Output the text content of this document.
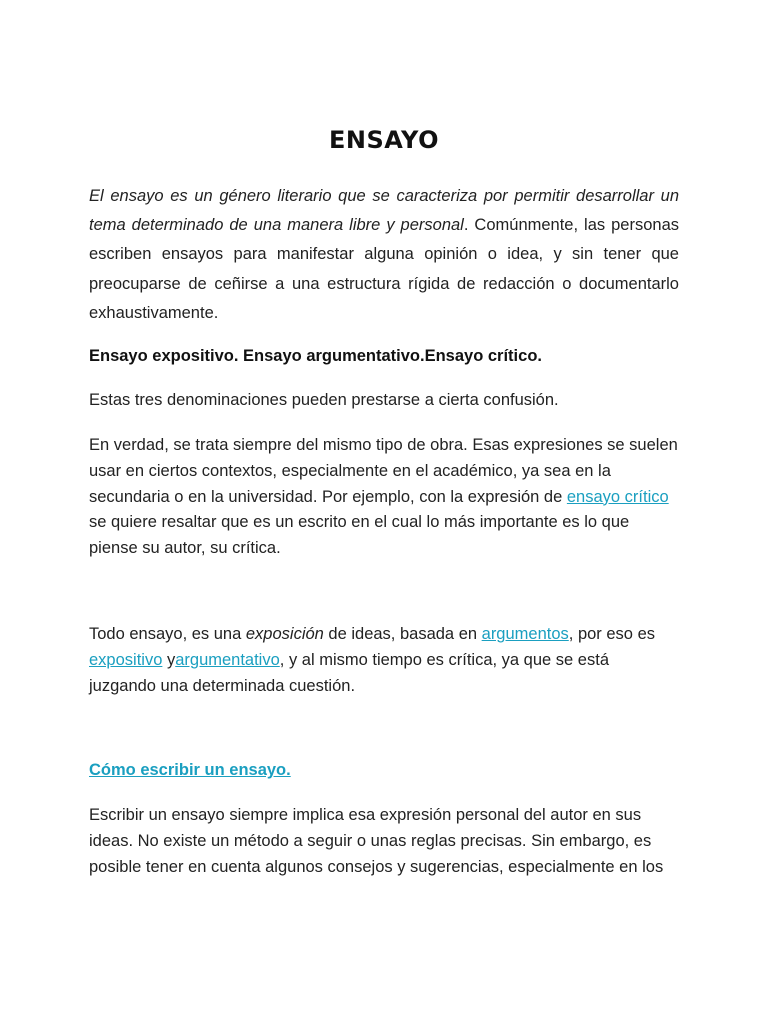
ENSAYO

El ensayo es un género literario que se caracteriza por permitir desarrollar un tema determinado de una manera libre y personal. Comúnmente, las personas escriben ensayos para manifestar alguna opinión o idea, y sin tener que preocuparse de ceñirse a una estructura rígida de redacción o documentarlo exhaustivamente.

Ensayo expositivo. Ensayo argumentativo.Ensayo crítico.

Estas tres denominaciones pueden prestarse a cierta confusión.

En verdad, se trata siempre del mismo tipo de obra. Esas expresiones se suelen usar en ciertos contextos, especialmente en el académico, ya sea en la secundaria o en la universidad. Por ejemplo, con la expresión de ensayo crítico se quiere resaltar que es un escrito en el cual lo más importante es lo que piense su autor, su crítica.

Todo ensayo, es una exposición de ideas, basada en argumentos, por eso es expositivo yargumentativo, y al mismo tiempo es crítica, ya que se está juzgando una determinada cuestión.

Cómo escribir un ensayo.

Escribir un ensayo siempre implica esa expresión personal del autor en sus ideas. No existe un método a seguir o unas reglas precisas. Sin embargo, es posible tener en cuenta algunos consejos y sugerencias, especialmente en los
